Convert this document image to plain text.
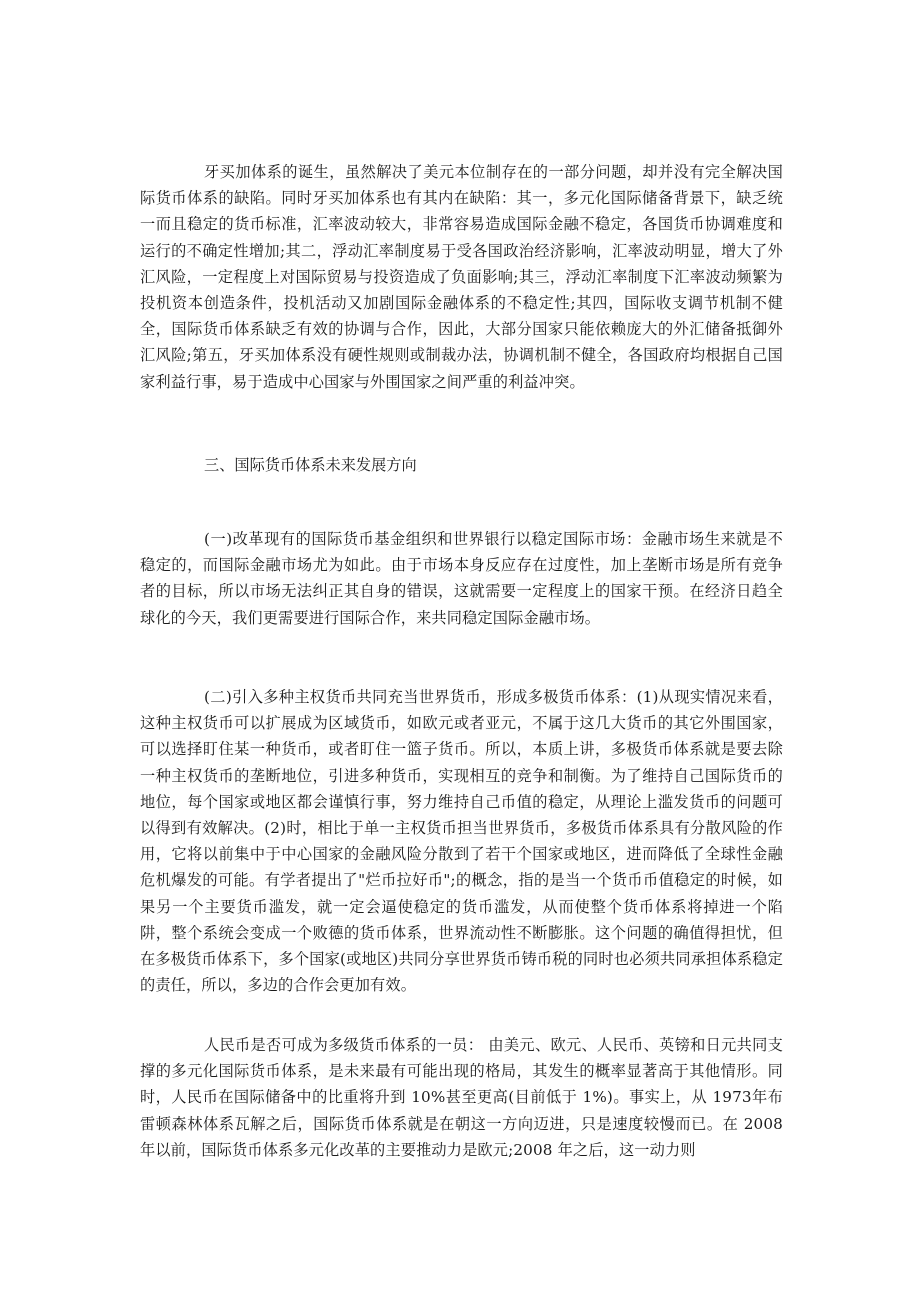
牙买加体系的诞生，虽然解决了美元本位制存在的一部分问题，却并没有完全解决国际货币体系的缺陷。同时牙买加体系也有其内在缺陷：其一，多元化国际储备背景下，缺乏统一而且稳定的货币标准，汇率波动较大，非常容易造成国际金融不稳定，各国货币协调难度和运行的不确定性增加;其二，浮动汇率制度易于受各国政治经济影响，汇率波动明显，增大了外汇风险，一定程度上对国际贸易与投资造成了负面影响;其三，浮动汇率制度下汇率波动频繁为投机资本创造条件，投机活动又加剧国际金融体系的不稳定性;其四，国际收支调节机制不健全，国际货币体系缺乏有效的协调与合作，因此，大部分国家只能依赖庞大的外汇储备抵御外汇风险;第五，牙买加体系没有硬性规则或制裁办法，协调机制不健全，各国政府均根据自己国家利益行事，易于造成中心国家与外围国家之间严重的利益冲突。

三、国际货币体系未来发展方向

(一)改革现有的国际货币基金组织和世界银行以稳定国际市场：金融市场生来就是不稳定的，而国际金融市场尤为如此。由于市场本身反应存在过度性，加上垄断市场是所有竞争者的目标，所以市场无法纠正其自身的错误，这就需要一定程度上的国家干预。在经济日趋全球化的今天，我们更需要进行国际合作，来共同稳定国际金融市场。

(二)引入多种主权货币共同充当世界货币，形成多极货币体系：(1)从现实情况来看，这种主权货币可以扩展成为区域货币，如欧元或者亚元，不属于这几大货币的其它外围国家，可以选择盯住某一种货币，或者盯住一篮子货币。所以，本质上讲，多极货币体系就是要去除一种主权货币的垄断地位，引进多种货币，实现相互的竞争和制衡。为了维持自己国际货币的地位，每个国家或地区都会谨慎行事，努力维持自己币值的稳定，从理论上滥发货币的问题可以得到有效解决。(2)时，相比于单一主权货币担当世界货币，多极货币体系具有分散风险的作用，它将以前集中于中心国家的金融风险分散到了若干个国家或地区，进而降低了全球性金融危机爆发的可能。有学者提出了"烂币拉好币";的概念，指的是当一个货币币值稳定的时候，如果另一个主要货币滥发，就一定会逼使稳定的货币滥发，从而使整个货币体系将掉进一个陷阱，整个系统会变成一个败德的货币体系，世界流动性不断膨胀。这个问题的确值得担忧，但在多极货币体系下，多个国家(或地区)共同分享世界货币铸币税的同时也必须共同承担体系稳定的责任，所以，多边的合作会更加有效。

人民币是否可成为多级货币体系的一员： 由美元、欧元、人民币、英镑和日元共同支撑的多元化国际货币体系，是未来最有可能出现的格局，其发生的概率显著高于其他情形。同时，人民币在国际储备中的比重将升到 10%甚至更高(目前低于 1%)。事实上，从 1973年布雷顿森林体系瓦解之后，国际货币体系就是在朝这一方向迈进，只是速度较慢而已。在 2008 年以前，国际货币体系多元化改革的主要推动力是欧元;2008 年之后，这一动力则
